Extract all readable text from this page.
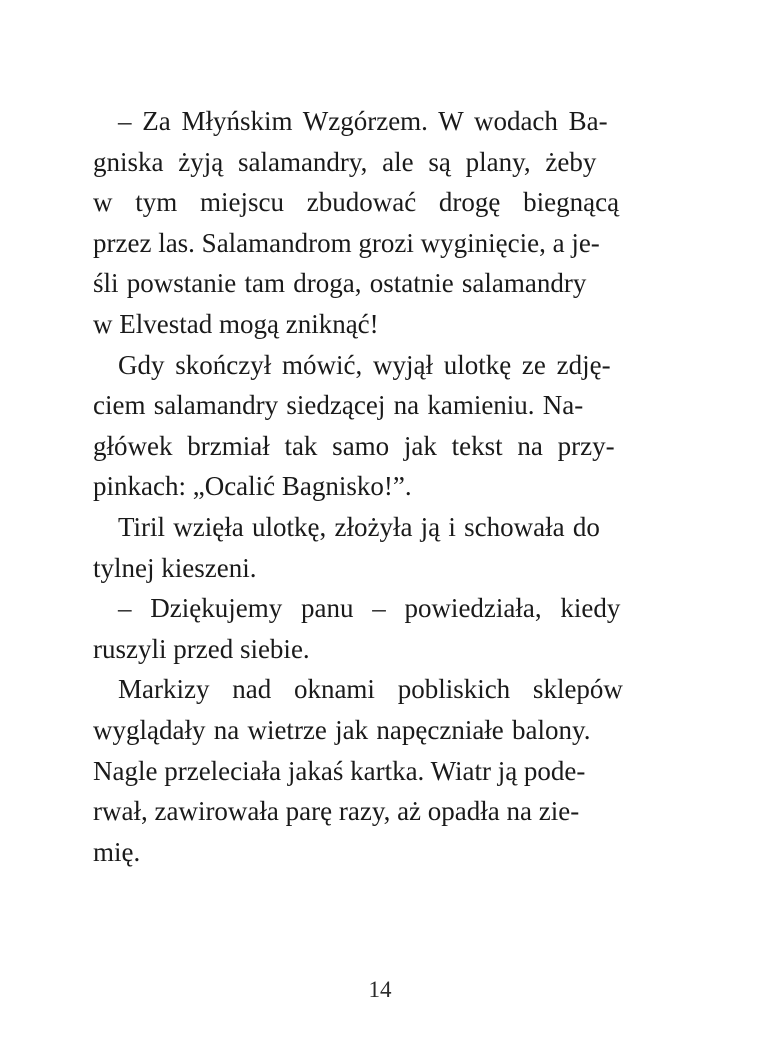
– Za Młyńskim Wzgórzem. W wodach Ba-
gniska żyją salamandry, ale są plany, żeby
w tym miejscu zbudować drogę biegnącą
przez las. Salamandrom grozi wyginięcie, a je-
śli powstanie tam droga, ostatnie salamandry
w Elvestad mogą zniknąć!
Gdy skończył mówić, wyjął ulotkę ze zdję-
ciem salamandry siedzącej na kamieniu. Na-
główek brzmiał tak samo jak tekst na przy-
pinkach: „Ocalić Bagnisko!”.
Tiril wzięła ulotkę, złożyła ją i schowała do
tylnej kieszeni.
– Dziękujemy panu – powiedziała, kiedy
ruszyli przed siebie.
Markizy nad oknami pobliskich sklepów
wyglądały na wietrze jak napęczniałe balony.
Nagle przeleciała jakaś kartka. Wiatr ją pode-
rwał, zawirowała parę razy, aż opadła na zie-
mię.
14
